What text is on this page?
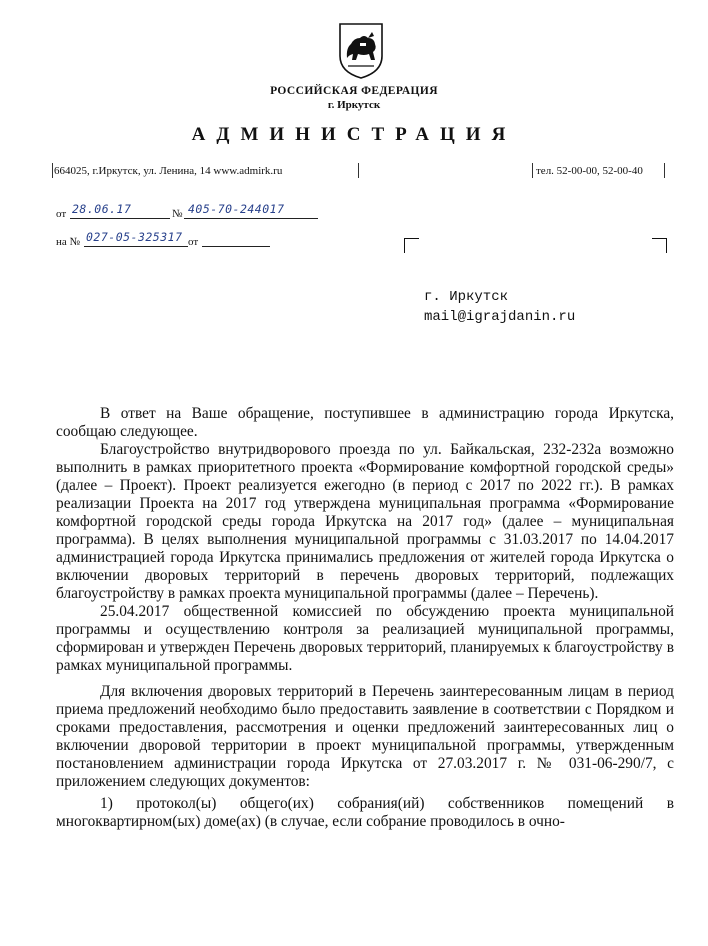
РОССИЙСКАЯ ФЕДЕРАЦИЯ
г. Иркутск
АДМИНИСТРАЦИЯ
664025, г.Иркутск, ул. Ленина, 14 www.admirk.ru	тел. 52-00-00, 52-00-40
от 28.06.17	№ 405-70-244017
на № 027-05-325317 от
г. Иркутск
mail@igrajdanin.ru

В ответ на Ваше обращение, поступившее в администрацию города Иркутска, сообщаю следующее.

Благоустройство внутридворового проезда по ул. Байкальская, 232-232а возможно выполнить в рамках приоритетного проекта «Формирование комфортной городской среды» (далее – Проект). Проект реализуется ежегодно (в период с 2017 по 2022 гг.). В рамках реализации Проекта на 2017 год утверждена муниципальная программа «Формирование комфортной городской среды города Иркутска на 2017 год» (далее – муниципальная программа). В целях выполнения муниципальной программы с 31.03.2017 по 14.04.2017 администрацией города Иркутска принимались предложения от жителей города Иркутска о включении дворовых территорий в перечень дворовых территорий, подлежащих благоустройству в рамках проекта муниципальной программы (далее – Перечень).

25.04.2017 общественной комиссией по обсуждению проекта муниципальной программы и осуществлению контроля за реализацией муниципальной программы, сформирован и утвержден Перечень дворовых территорий, планируемых к благоустройству в рамках муниципальной программы.

Для включения дворовых территорий в Перечень заинтересованным лицам в период приема предложений необходимо было предоставить заявление в соответствии с Порядком и сроками предоставления, рассмотрения и оценки предложений заинтересованных лиц о включении дворовой территории в проект муниципальной программы, утвержденным постановлением администрации города Иркутска от 27.03.2017 г. № 031-06-290/7, с приложением следующих документов:

1) протокол(ы) общего(их) собрания(ий) собственников помещений в многоквартирном(ых) доме(ах) (в случае, если собрание проводилось в очно-
